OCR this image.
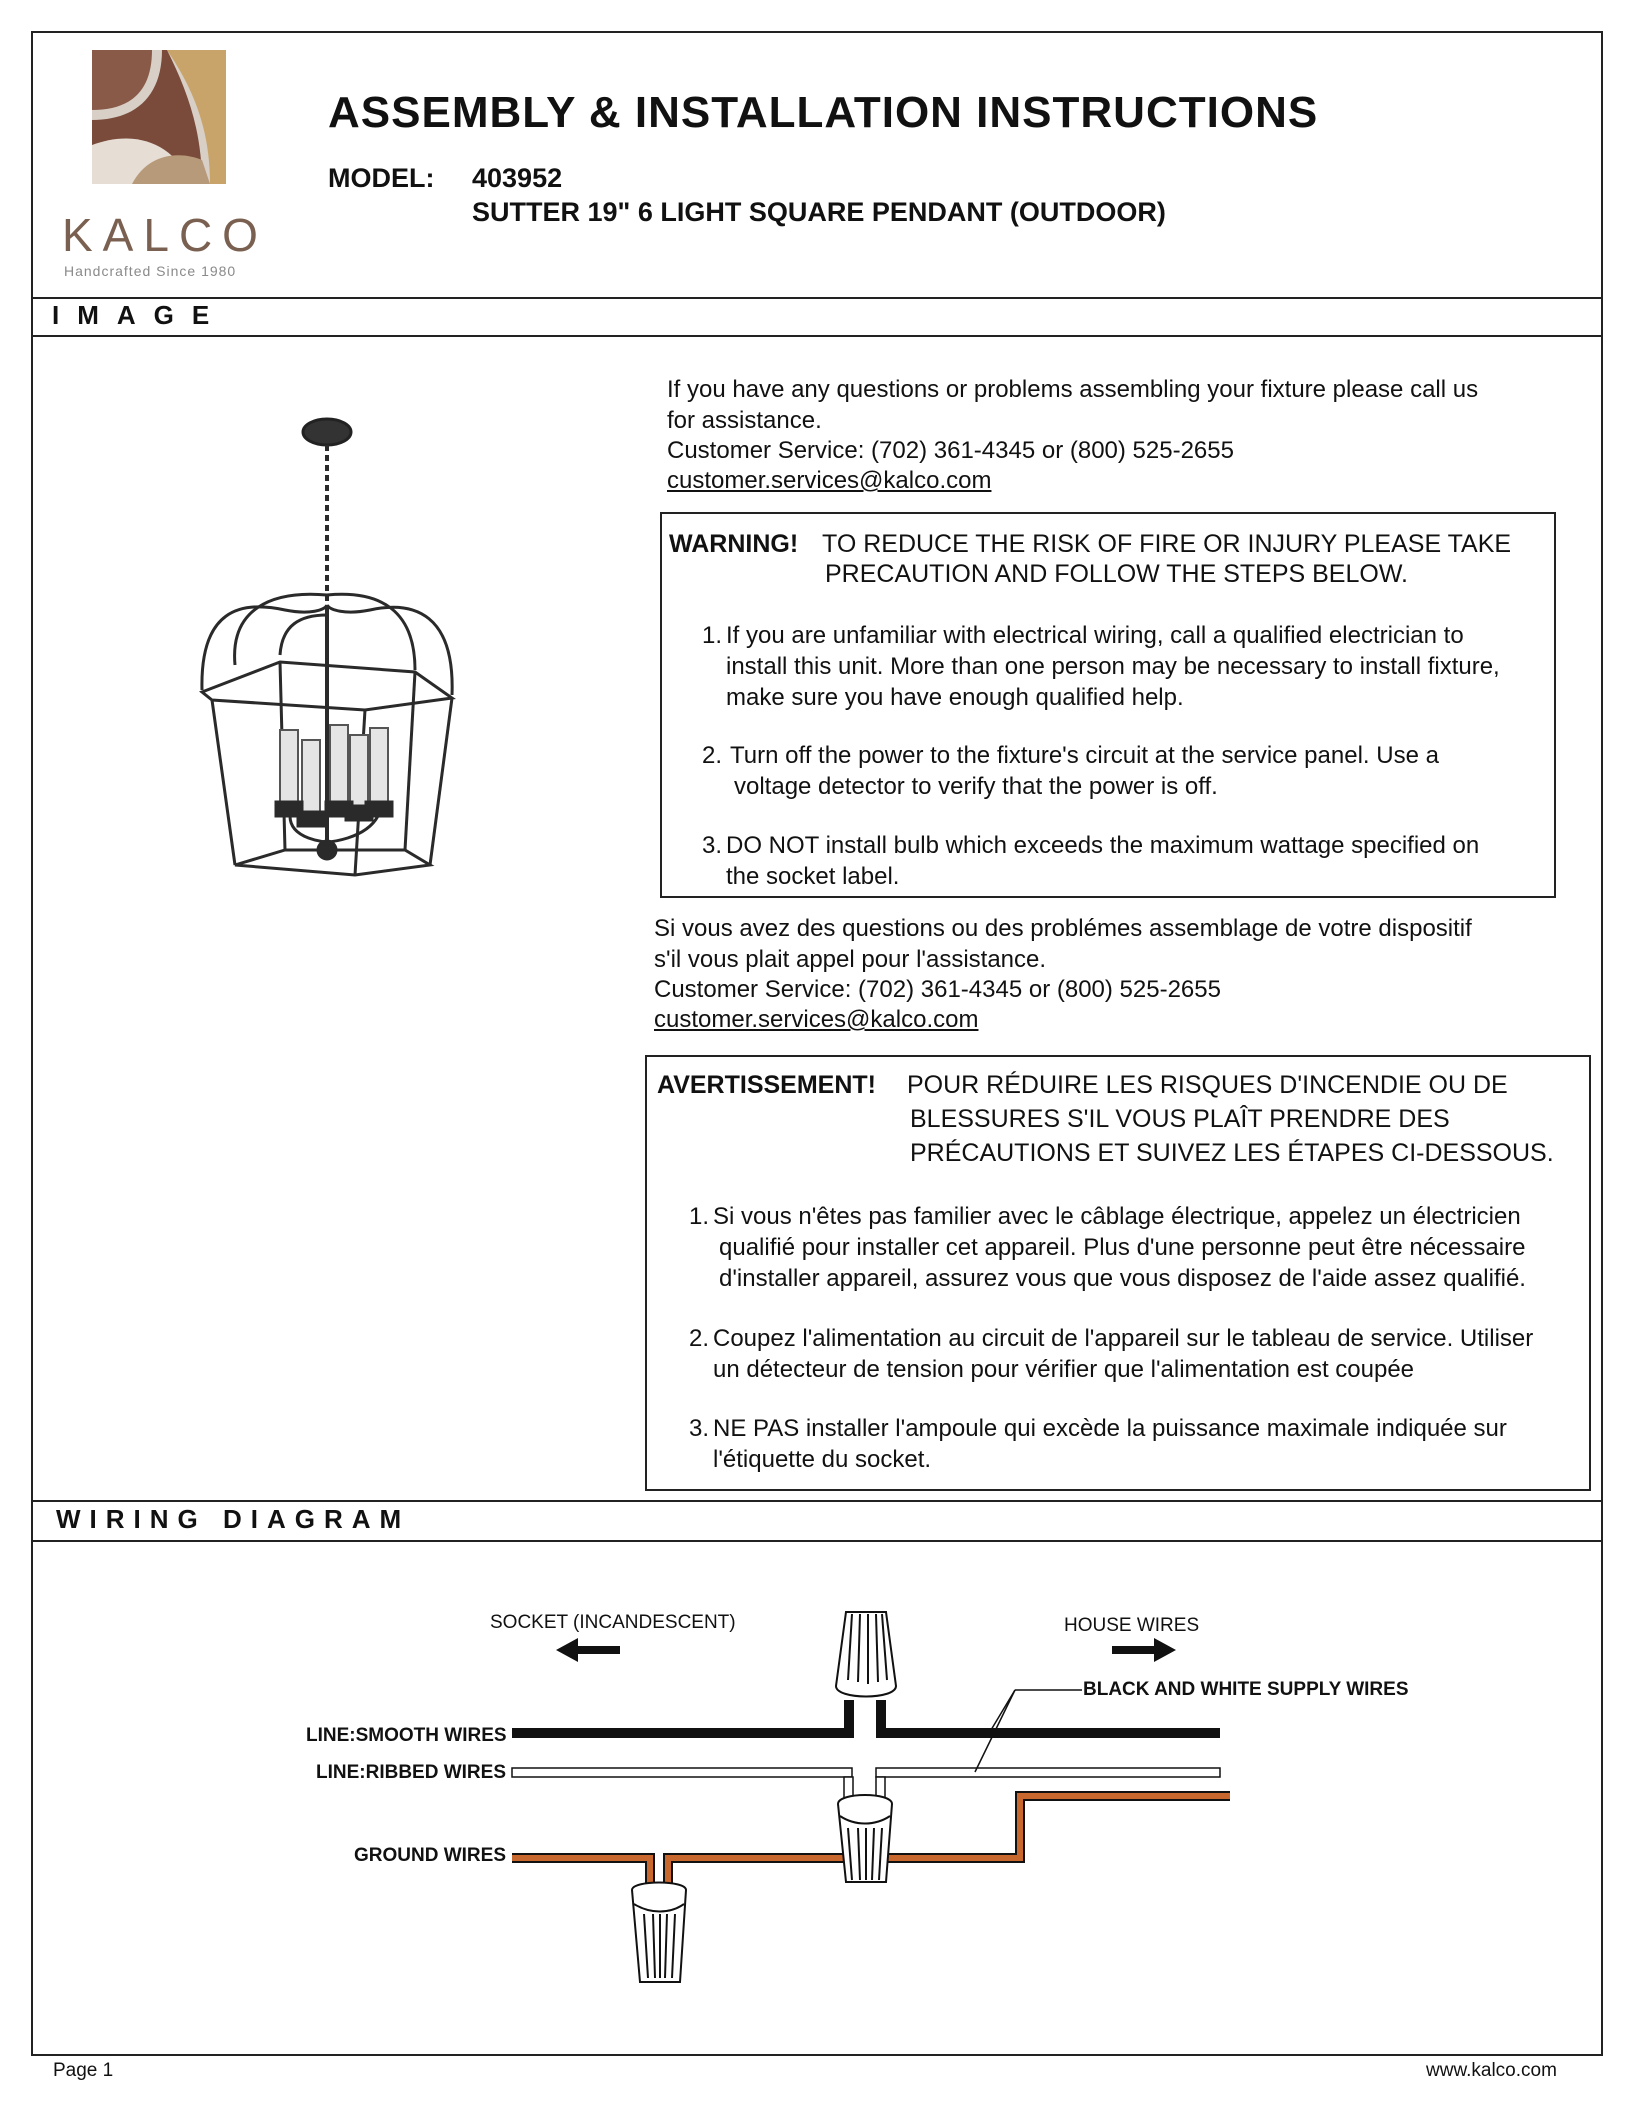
KALCO
Handcrafted Since 1980
ASSEMBLY & INSTALLATION INSTRUCTIONS
MODEL: 403952
SUTTER 19" 6 LIGHT SQUARE PENDANT (OUTDOOR)
IMAGE
WIRING DIAGRAM
If you have any questions or problems assembling your fixture please call us
for assistance.
Customer Service: (702) 361-4345 or (800) 525-2655
customer.services@kalco.com
WARNING! TO REDUCE THE RISK OF FIRE OR INJURY PLEASE TAKE
PRECAUTION AND FOLLOW THE STEPS BELOW.
1. If you are unfamiliar with electrical wiring, call a qualified electrician to
install this unit. More than one person may be necessary to install fixture,
make sure you have enough qualified help.
2. Turn off the power to the fixture's circuit at the service panel. Use a
voltage detector to verify that the power is off.
3. DO NOT install bulb which exceeds the maximum wattage specified on
the socket label.
Si vous avez des questions ou des problémes assemblage de votre dispositif
s'il vous plait appel pour l'assistance.
Customer Service: (702) 361-4345 or (800) 525-2655
customer.services@kalco.com
AVERTISSEMENT! POUR RÉDUIRE LES RISQUES D'INCENDIE OU DE
BLESSURES S'IL VOUS PLAÎT PRENDRE DES
PRÉCAUTIONS ET SUIVEZ LES ÉTAPES CI-DESSOUS.
1. Si vous n'êtes pas familier avec le câblage électrique, appelez un électricien
qualifié pour installer cet appareil. Plus d'une personne peut être nécessaire
d'installer appareil, assurez vous que vous disposez de l'aide assez qualifié.
2. Coupez l'alimentation au circuit de l'appareil sur le tableau de service. Utiliser
un détecteur de tension pour vérifier que l'alimentation est coupée
3. NE PAS installer l'ampoule qui excède la puissance maximale indiquée sur
l'étiquette du socket.
SOCKET (INCANDESCENT)	HOUSE WIRES
BLACK AND WHITE SUPPLY WIRES
LINE:SMOOTH WIRES
LINE:RIBBED WIRES
GROUND WIRES
Page 1	www.kalco.com
